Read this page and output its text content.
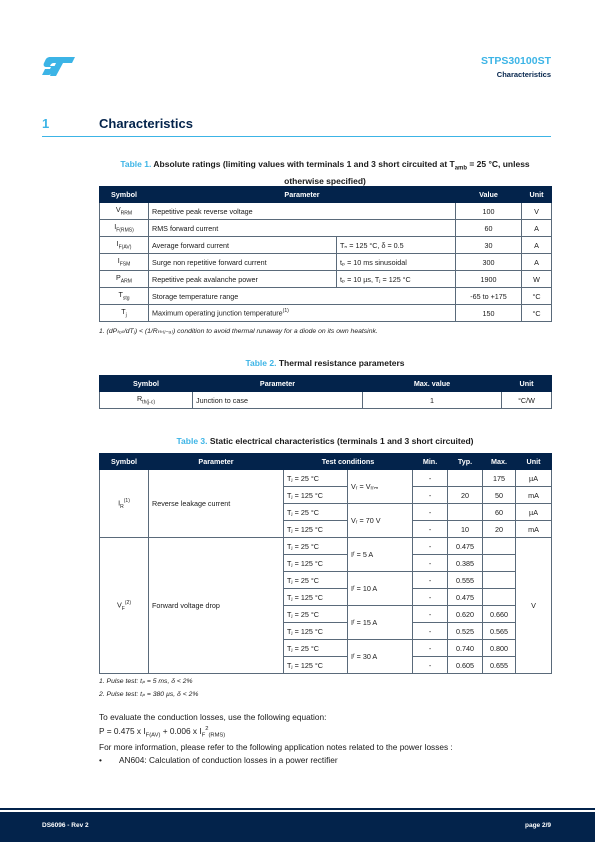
STPS30100ST
Characteristics
1	Characteristics
Table 1. Absolute ratings (limiting values with terminals 1 and 3 short circuited at $T_{amb} = 25$ °C, unless otherwise specified)
Symbol	Parameter		Value	Unit
$V_{RRM}$	Repetitive peak reverse voltage		100	V
$I_{F(RMS)}$	RMS forward current		60	A
$I_{F(AV)}$	Average forward current	Tₙ = 125 °C, δ = 0.5	30	A
$I_{FSM}$	Surge non repetitive forward current	tₚ = 10 ms sinusoidal	300	A
$P_{ARM}$	Repetitive peak avalanche power	tₚ = 10 µs, Tⱼ = 125 °C	1900	W
$T_{stg}$	Storage temperature range		-65 to +175	°C
$T_j$	Maximum operating junction temperature$^{(1)}$		150	°C
1. (dPₜₒₜ/dTⱼ) < (1/Rₜₕ₍ⱼ₋ₐ₎) condition to avoid thermal runaway for a diode on its own heatsink.
Table 2. Thermal resistance parameters
Symbol	Parameter	Max. value	Unit
$R_{th(j-c)}$	Junction to case	1	°C/W
Table 3. Static electrical characteristics (terminals 1 and 3 short circuited)
Symbol	Parameter	Test conditions		Min.	Typ.	Max.	Unit
$I_R^{(1)}$	Reverse leakage current	Tⱼ = 25 °C	Vᵣ = Vᵣᵣₘ	-		175	µA
		Tⱼ = 125 °C		-	20	50	mA
		Tⱼ = 25 °C	Vᵣ = 70 V	-		60	µA
		Tⱼ = 125 °C		-	10	20	mA
$V_F^{(2)}$	Forward voltage drop	Tⱼ = 25 °C	Iᶠ = 5 A	-	0.475		V
		Tⱼ = 125 °C		-	0.385		
		Tⱼ = 25 °C	Iᶠ = 10 A	-	0.555		
		Tⱼ = 125 °C		-	0.475		
		Tⱼ = 25 °C	Iᶠ = 15 A	-	0.620	0.660	
		Tⱼ = 125 °C		-	0.525	0.565	
		Tⱼ = 25 °C	Iᶠ = 30 A	-	0.740	0.800	
		Tⱼ = 125 °C		-	0.605	0.655	
1. Pulse test: tₚ = 5 ms, δ < 2%
2. Pulse test: tₚ = 380 µs, δ < 2%
To evaluate the conduction losses, use the following equation:
P = 0.475 x $I_{F(AV)} + 0.006$ x $I_F^2_{(RMS)}$
For more information, please refer to the following application notes related to the power losses :
• AN604: Calculation of conduction losses in a power rectifier
DS6096 - Rev 2	page 2/9
